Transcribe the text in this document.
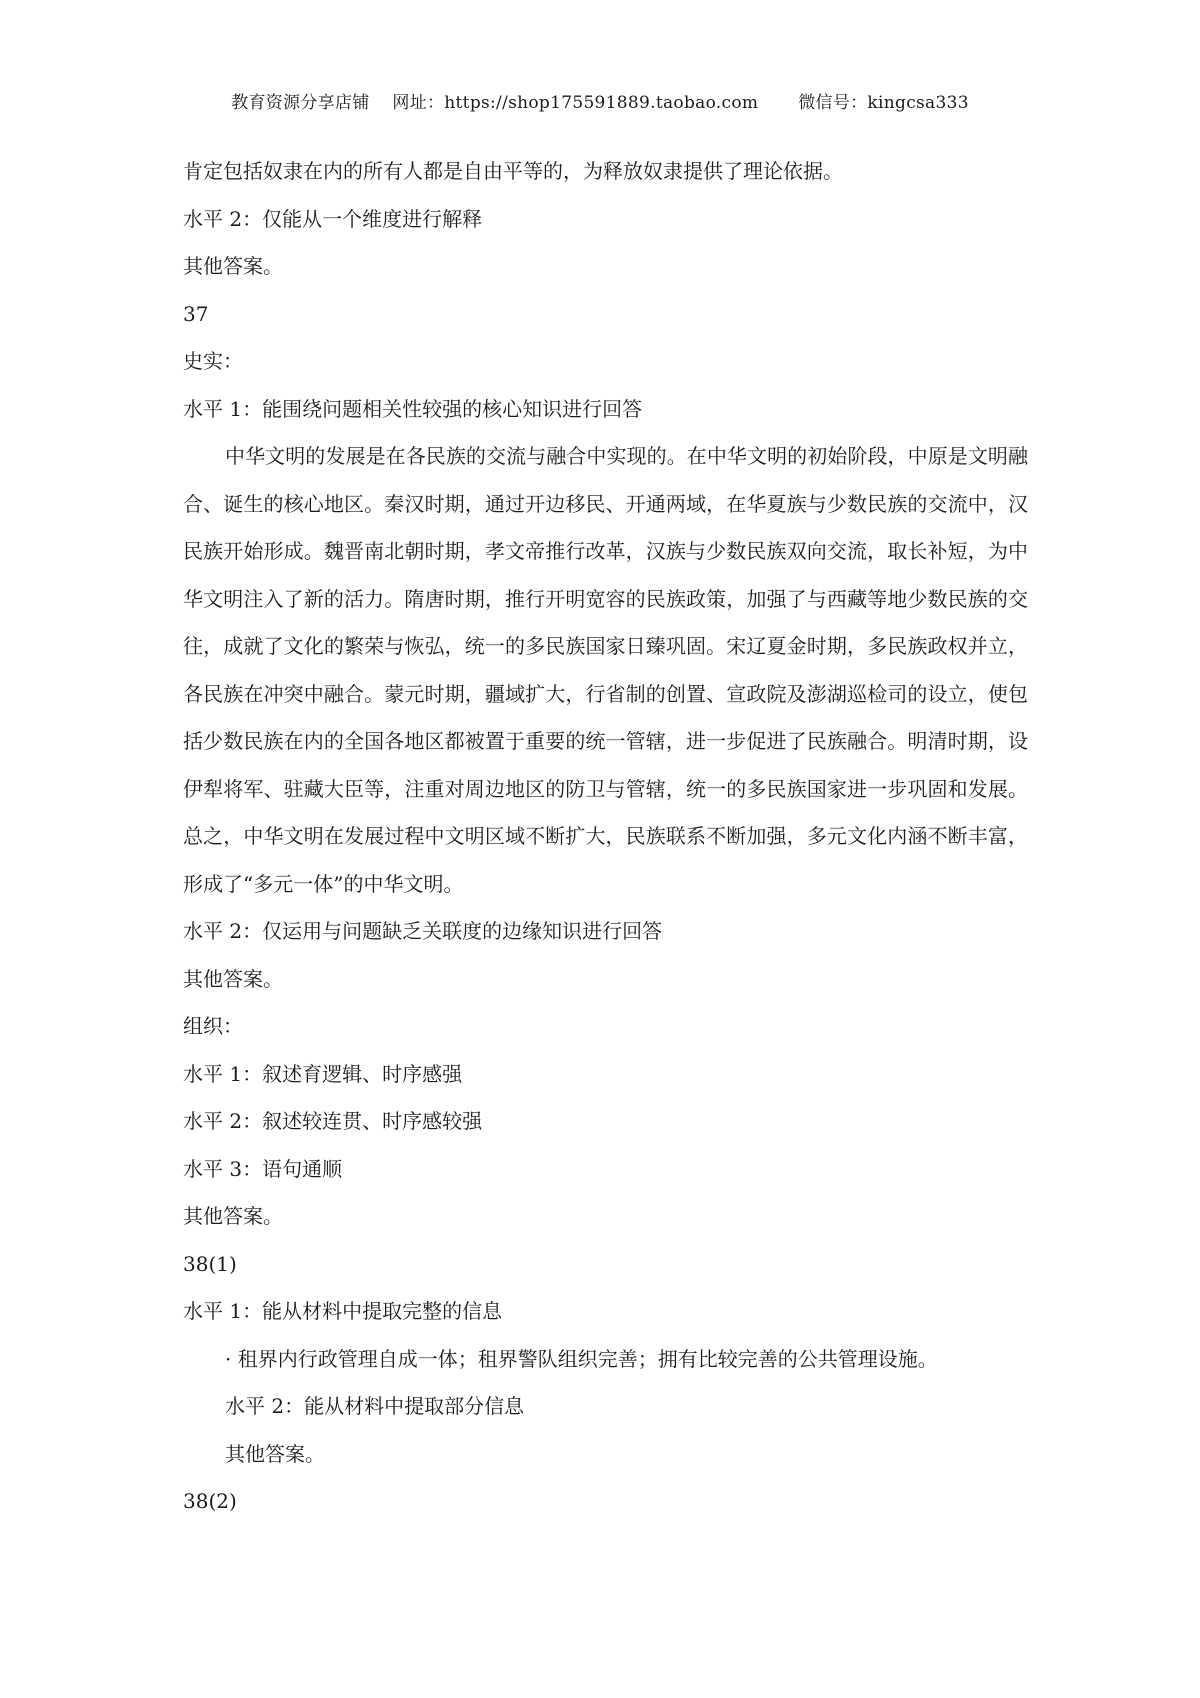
教育资源分享店铺 网址：https://shop175591889.taobao.com 微信号：kingcsa333
肯定包括奴隶在内的所有人都是自由平等的，为释放奴隶提供了理论依据。
水平 2：仅能从一个维度进行解释
其他答案。
37
史实：
水平 1：能围绕问题相关性较强的核心知识进行回答

中华文明的发展是在各民族的交流与融合中实现的。在中华文明的初始阶段，中原是文明融合、诞生的核心地区。秦汉时期，通过开边移民、开通两域，在华夏族与少数民族的交流中，汉民族开始形成。魏晋南北朝时期，孝文帝推行改革，汉族与少数民族双向交流，取长补短，为中华文明注入了新的活力。隋唐时期，推行开明宽容的民族政策，加强了与西藏等地少数民族的交往，成就了文化的繁荣与恢弘，统一的多民族国家日臻巩固。宋辽夏金时期，多民族政权并立，各民族在冲突中融合。蒙元时期，疆域扩大，行省制的创置、宣政院及澎湖巡检司的设立，使包括少数民族在内的全国各地区都被置于重要的统一管辖，进一步促进了民族融合。明清时期，设伊犁将军、驻藏大臣等，注重对周边地区的防卫与管辖，统一的多民族国家进一步巩固和发展。总之，中华文明在发展过程中文明区域不断扩大，民族联系不断加强，多元文化内涵不断丰富，形成了“多元一体”的中华文明。

水平 2：仅运用与问题缺乏关联度的边缘知识进行回答
其他答案。
组织：
水平 1：叙述育逻辑、时序感强
水平 2：叙述较连贯、时序感较强
水平 3：语句通顺
其他答案。
38(1)
水平 1：能从材料中提取完整的信息
· 租界内行政管理自成一体；租界警队组织完善；拥有比较完善的公共管理设施。
水平 2：能从材料中提取部分信息
其他答案。
38(2)
